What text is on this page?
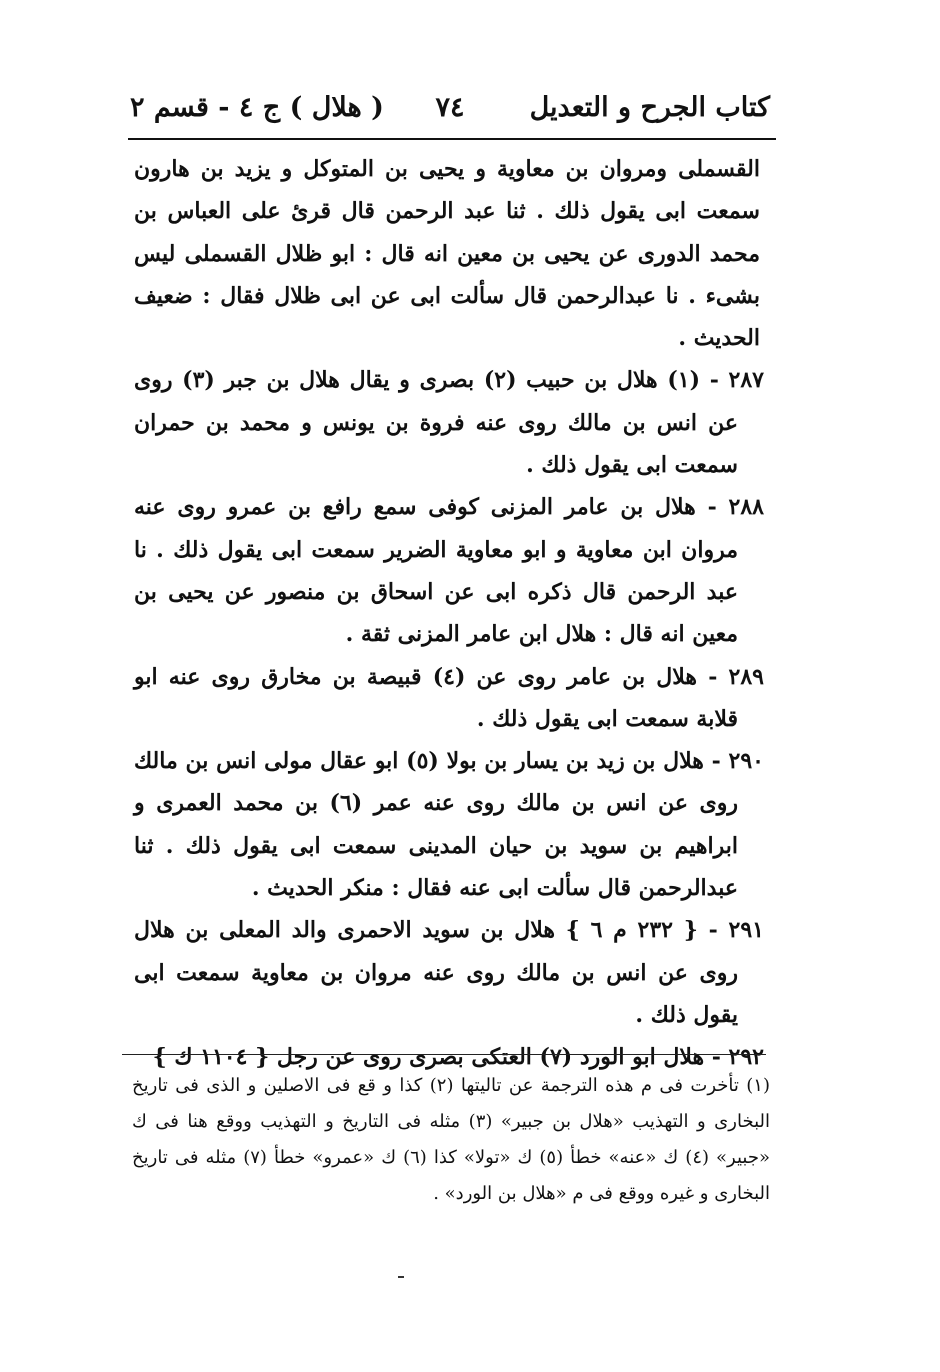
كتاب الجرح و التعديل
٧٤
( هلال ) ج ٤ - قسم ٢

القسملى ومروان بن معاوية و يحيى بن المتوكل و يزيد بن هارون سمعت ابى يقول ذلك . ثنا عبد الرحمن قال قرئ على العباس بن محمد الدورى عن يحيى بن معين انه قال : ابو ظلال القسملى ليس بشىء . نا عبدالرحمن قال سألت ابى عن ابى ظلال فقال : ضعيف الحديث .

٢٨٧ - (١) هلال بن حبيب (٢) بصرى و يقال هلال بن جبر (٣) روى عن انس بن مالك روى عنه فروة بن يونس و محمد بن حمران سمعت ابى يقول ذلك .

٢٨٨ - هلال بن عامر المزنى كوفى سمع رافع بن عمرو روى عنه مروان ابن معاوية و ابو معاوية الضرير سمعت ابى يقول ذلك . نا عبد الرحمن قال ذكره ابى عن اسحاق بن منصور عن يحيى بن معين انه قال : هلال ابن عامر المزنى ثقة .

٢٨٩ - هلال بن عامر روى عن (٤) قبيصة بن مخارق روى عنه ابو قلابة سمعت ابى يقول ذلك .

٢٩٠ - هلال بن زيد بن يسار بن بولا (٥) ابو عقال مولى انس بن مالك روى عن انس بن مالك روى عنه عمر (٦) بن محمد العمرى و ابراهيم بن سويد بن حيان المدينى سمعت ابى يقول ذلك . ثنا عبدالرحمن قال سألت ابى عنه فقال : منكر الحديث .

٢٩١ - { ٢٣٢ م ٦ } هلال بن سويد الاحمرى والد المعلى بن هلال روى عن انس بن مالك روى عنه مروان بن معاوية سمعت ابى يقول ذلك .

٢٩٢ - هلال ابو الورد (٧) العتكى بصرى روى عن رجل { ١١٠٤ ك }

(١) تأخرت فى م هذه الترجمة عن تاليتها (٢) كذا و قع فى الاصلين و الذى فى تاريخ البخارى و التهذيب «هلال بن جبير» (٣) مثله فى التاريخ و التهذيب ووقع هنا فى ك «جبير» (٤) ك «عنه» خطأ (٥) ك «تولا» كذا (٦) ك «عمرو» خطأ (٧) مثله فى تاريخ البخارى و غيره ووقع فى م «هلال بن الورد» .
